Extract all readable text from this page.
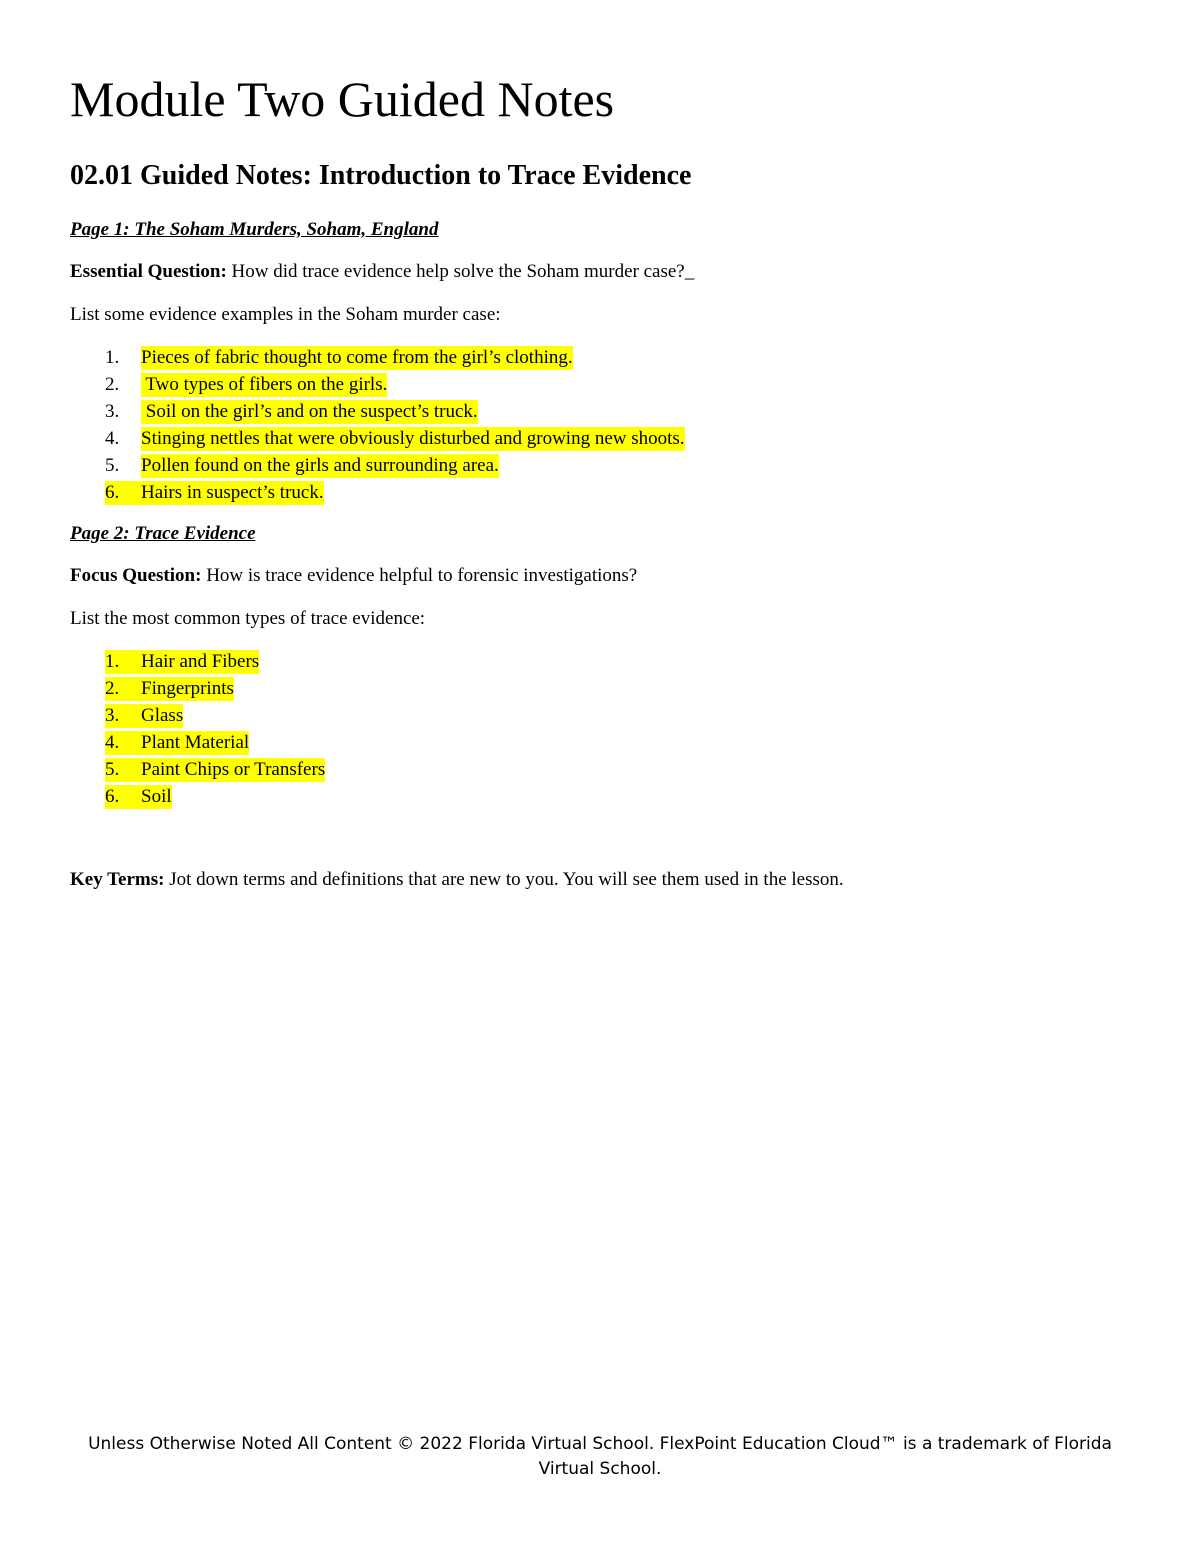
Module Two Guided Notes
02.01 Guided Notes: Introduction to Trace Evidence

Page 1: The Soham Murders, Soham, England

Essential Question: How did trace evidence help solve the Soham murder case?_

List some evidence examples in the Soham murder case:

1.	Pieces of fabric thought to come from the girl’s clothing.
2.	Two types of fibers on the girls.
3.	Soil on the girl’s and on the suspect’s truck.
4.	Stinging nettles that were obviously disturbed and growing new shoots.
5.	Pollen found on the girls and surrounding area.
6.	Hairs in suspect’s truck.

Page 2: Trace Evidence

Focus Question: How is trace evidence helpful to forensic investigations?

List the most common types of trace evidence:

1.	Hair and Fibers
2.	Fingerprints
3.	Glass
4.	Plant Material
5.	Paint Chips or Transfers
6.	Soil

Key Terms: Jot down terms and definitions that are new to you. You will see them used in the lesson.

Unless Otherwise Noted All Content © 2022 Florida Virtual School. FlexPoint Education Cloud™ is a trademark of Florida Virtual School.
